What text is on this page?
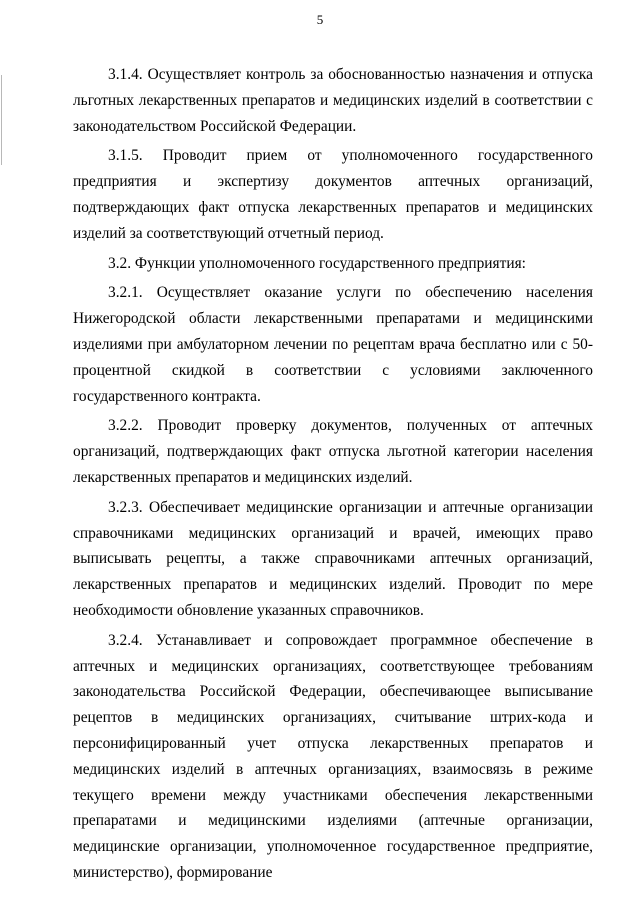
5

3.1.4. Осуществляет контроль за обоснованностью назначения и отпуска льготных лекарственных препаратов и медицинских изделий в соответствии с законодательством Российской Федерации.

3.1.5. Проводит прием от уполномоченного государственного предприятия и экспертизу документов аптечных организаций, подтверждающих факт отпуска лекарственных препаратов и медицинских изделий за соответствующий отчетный период.

3.2. Функции уполномоченного государственного предприятия:

3.2.1. Осуществляет оказание услуги по обеспечению населения Нижегородской области лекарственными препаратами и медицинскими изделиями при амбулаторном лечении по рецептам врача бесплатно или с 50-процентной скидкой в соответствии с условиями заключенного государственного контракта.

3.2.2. Проводит проверку документов, полученных от аптечных организаций, подтверждающих факт отпуска льготной категории населения лекарственных препаратов и медицинских изделий.

3.2.3. Обеспечивает медицинские организации и аптечные организации справочниками медицинских организаций и врачей, имеющих право выписывать рецепты, а также справочниками аптечных организаций, лекарственных препаратов и медицинских изделий. Проводит по мере необходимости обновление указанных справочников.

3.2.4. Устанавливает и сопровождает программное обеспечение в аптечных и медицинских организациях, соответствующее требованиям законодательства Российской Федерации, обеспечивающее выписывание рецептов в медицинских организациях, считывание штрих-кода и персонифицированный учет отпуска лекарственных препаратов и медицинских изделий в аптечных организациях, взаимосвязь в режиме текущего времени между участниками обеспечения лекарственными препаратами и медицинскими изделиями (аптечные организации, медицинские организации, уполномоченное государственное предприятие, министерство), формирование
